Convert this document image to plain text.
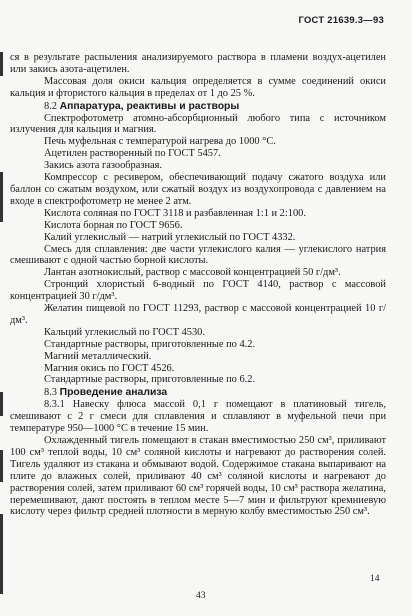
ГОСТ 21639.3—93

ся в результате распыления анализируемого раствора в пламени воздух-ацетилен или закись азота-ацетилен.

Массовая доля окиси кальция определяется в сумме соединений окиси кальция и фтористого кальция в пределах от 1 до 25 %.

8.2 Аппаратура, реактивы и растворы

Спектрофотометр атомно-абсорбционный любого типа с источником излучения для кальция и магния.

Печь муфельная с температурой нагрева до 1000 °С.

Ацетилен растворенный по ГОСТ 5457.

Закись азота газообразная.

Компрессор с ресивером, обеспечивающий подачу сжатого воздуха или баллон со сжатым воздухом, или сжатый воздух из воздухопровода с давлением на входе в спектрофотометр не менее 2 атм.

Кислота соляная по ГОСТ 3118 и разбавленная 1:1 и 2:100.

Кислота борная по ГОСТ 9656.

Калий углекислый — натрий углекислый по ГОСТ 4332.

Смесь для сплавления: две части углекислого калия — углекислого натрия смешивают с одной частью борной кислоты.

Лантан азотнокислый, раствор с массовой концентрацией 50 г/дм³.

Стронций хлористый 6-водный по ГОСТ 4140, раствор с массовой концентрацией 30 г/дм³.

Желатин пищевой по ГОСТ 11293, раствор с массовой концентрацией 10 г/дм³.

Кальций углекислый по ГОСТ 4530.

Стандартные растворы, приготовленные по 4.2.

Магний металлический.

Магния окись по ГОСТ 4526.

Стандартные растворы, приготовленные по 6.2.

8.3 Проведение анализа

8.3.1 Навеску флюса массой 0,1 г помещают в платиновый тигель, смешивают с 2 г смеси для сплавления и сплавляют в муфельной печи при температуре 950—1000 °С в течение 15 мин.

Охлажденный тигель помещают в стакан вместимостью 250 см³, приливают 100 см³ теплой воды, 10 см³ соляной кислоты и нагревают до растворения солей. Тигель удаляют из стакана и обмывают водой. Содержимое стакана выпаривают на плите до влажных солей, приливают 40 см³ соляной кислоты и нагревают до растворения солей, затем приливают 60 см³ горячей воды, 10 см³ раствора желатина, перемешивают, дают постоять в теплом месте 5—7 мин и фильтруют кремниевую кислоту через фильтр средней плотности в мерную колбу вместимостью 250 см³.

43
14
